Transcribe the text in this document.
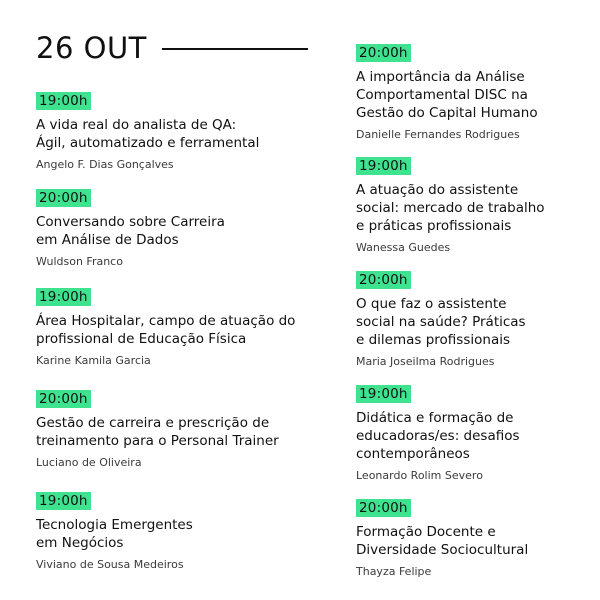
26 OUT
19:00h
A vida real do analista de QA:
Ágil, automatizado e ferramental
Angelo F. Dias Gonçalves
20:00h
Conversando sobre Carreira
em Análise de Dados
Wuldson Franco
19:00h
Área Hospitalar, campo de atuação do
profissional de Educação Física
Karine Kamila Garcia
20:00h
Gestão de carreira e prescrição de
treinamento para o Personal Trainer
Luciano de Oliveira
19:00h
Tecnologia Emergentes
em Negócios
Viviano de Sousa Medeiros
20:00h
A importância da Análise
Comportamental DISC na
Gestão do Capital Humano
Danielle Fernandes Rodrigues
19:00h
A atuação do assistente
social: mercado de trabalho
e práticas profissionais
Wanessa Guedes
20:00h
O que faz o assistente
social na saúde? Práticas
e dilemas profissionais
Maria Joseilma Rodrigues
19:00h
Didática e formação de
educadoras/es: desafios
contemporâneos
Leonardo Rolim Severo
20:00h
Formação Docente e
Diversidade Sociocultural
Thayza Felipe
